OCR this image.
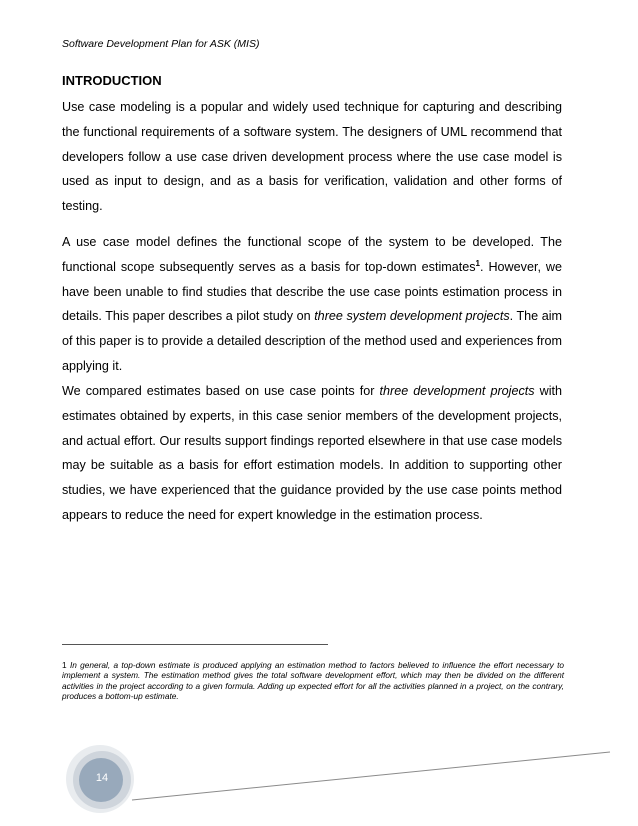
Software Development Plan for ASK (MIS)
INTRODUCTION

Use case modeling is a popular and widely used technique for capturing and describing the functional requirements of a software system. The designers of UML recommend that developers follow a use case driven development process where the use case model is used as input to design, and as a basis for verification, validation and other forms of testing.

A use case model defines the functional scope of the system to be developed. The functional scope subsequently serves as a basis for top-down estimates$^1$. However, we have been unable to find studies that describe the use case points estimation process in details. This paper describes a pilot study on three system development projects. The aim of this paper is to provide a detailed description of the method used and experiences from applying it.

We compared estimates based on use case points for three development projects with estimates obtained by experts, in this case senior members of the development projects, and actual effort. Our results support findings reported elsewhere in that use case models may be suitable as a basis for effort estimation models. In addition to supporting other studies, we have experienced that the guidance provided by the use case points method appears to reduce the need for expert knowledge in the estimation process.

1 In general, a top-down estimate is produced applying an estimation method to factors believed to influence the effort necessary to implement a system. The estimation method gives the total software development effort, which may then be divided on the different activities in the project according to a given formula. Adding up expected effort for all the activities planned in a project, on the contrary, produces a bottom-up estimate.
14
